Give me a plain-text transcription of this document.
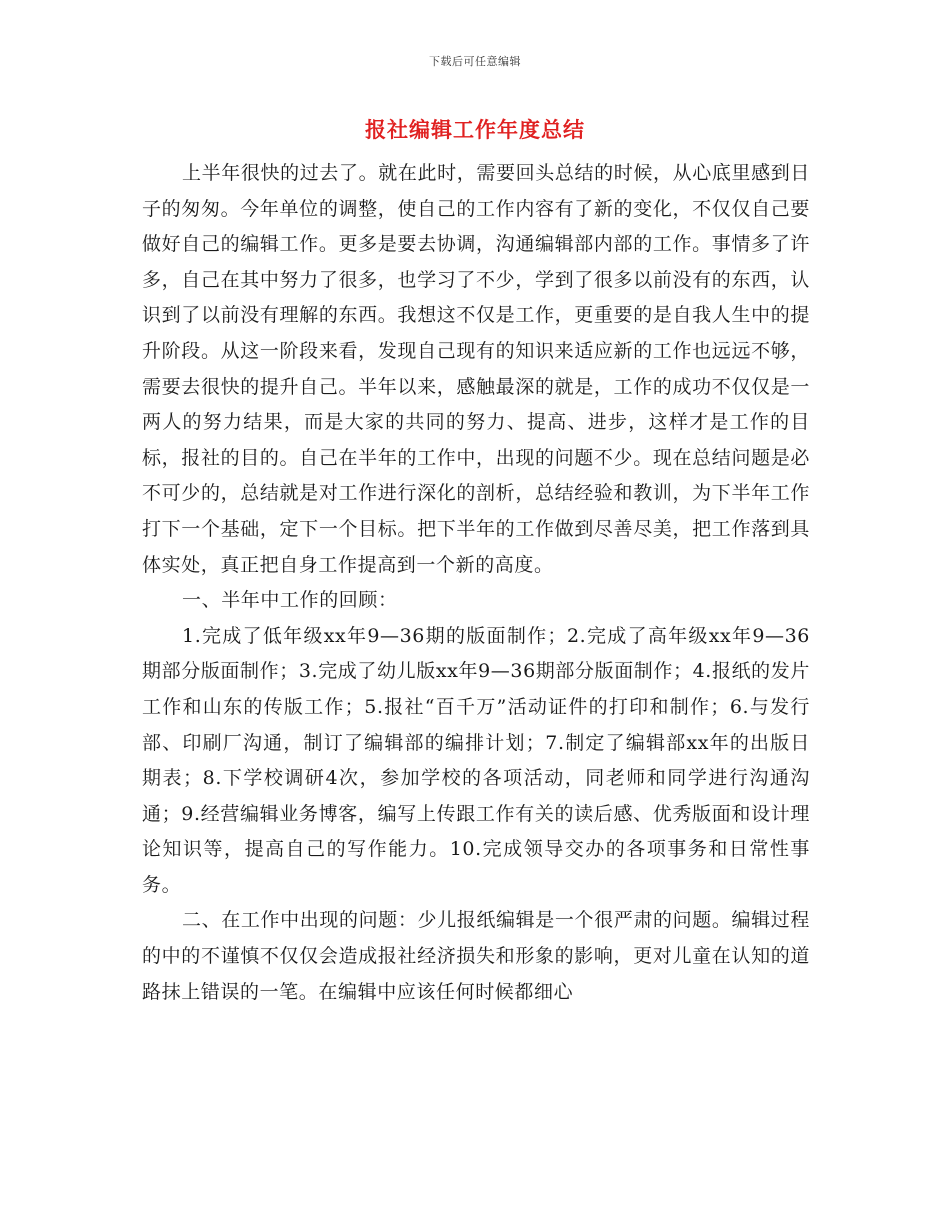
下载后可任意编辑
报社编辑工作年度总结

上半年很快的过去了。就在此时，需要回头总结的时候，从心底里感到日子的匆匆。今年单位的调整，使自己的工作内容有了新的变化，不仅仅自己要做好自己的编辑工作。更多是要去协调，沟通编辑部内部的工作。事情多了许多，自己在其中努力了很多，也学习了不少，学到了很多以前没有的东西，认识到了以前没有理解的东西。我想这不仅是工作，更重要的是自我人生中的提升阶段。从这一阶段来看，发现自己现有的知识来适应新的工作也远远不够，需要去很快的提升自己。半年以来，感触最深的就是，工作的成功不仅仅是一两人的努力结果，而是大家的共同的努力、提高、进步，这样才是工作的目标，报社的目的。自己在半年的工作中，出现的问题不少。现在总结问题是必不可少的，总结就是对工作进行深化的剖析，总结经验和教训，为下半年工作打下一个基础，定下一个目标。把下半年的工作做到尽善尽美，把工作落到具体实处，真正把自身工作提高到一个新的高度。

一、半年中工作的回顾：

1.完成了低年级xx年9—36期的版面制作；2.完成了高年级xx年9—36期部分版面制作；3.完成了幼儿版xx年9—36期部分版面制作；4.报纸的发片工作和山东的传版工作；5.报社“百千万”活动证件的打印和制作；6.与发行部、印刷厂沟通，制订了编辑部的编排计划；7.制定了编辑部xx年的出版日期表；8.下学校调研4次，参加学校的各项活动，同老师和同学进行沟通沟通；9.经营编辑业务博客，编写上传跟工作有关的读后感、优秀版面和设计理论知识等，提高自己的写作能力。10.完成领导交办的各项事务和日常性事务。

二、在工作中出现的问题：少儿报纸编辑是一个很严肃的问题。编辑过程的中的不谨慎不仅仅会造成报社经济损失和形象的影响，更对儿童在认知的道路抹上错误的一笔。在编辑中应该任何时候都细心
